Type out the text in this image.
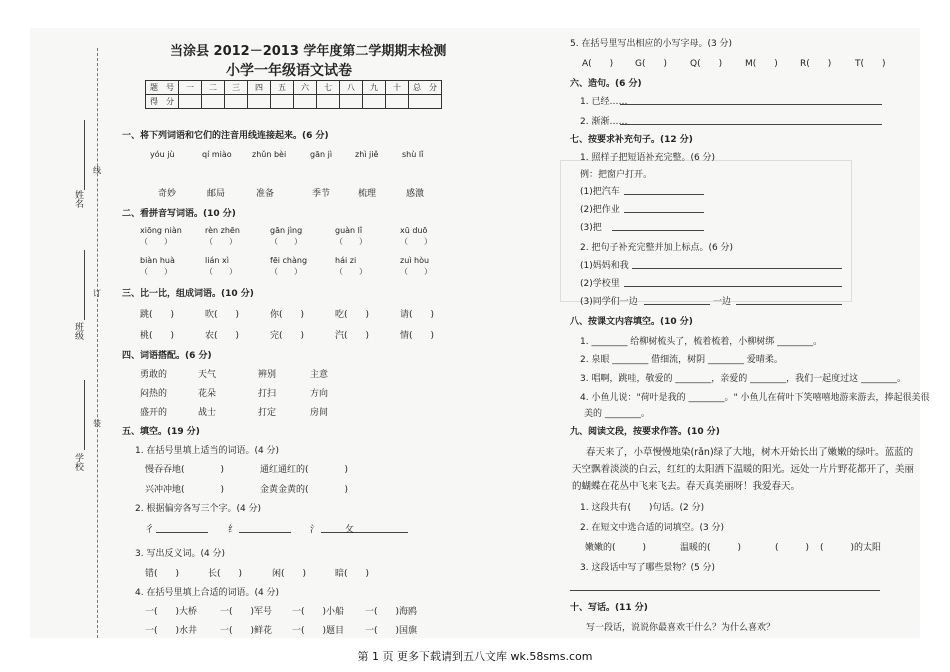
姓名
班级
学校
线
订
装
当涂县 2012－2013 学年度第二学期期末检测
小学一年级语文试卷
题　号	一	二	三	四	五	六	七	八	九	十	总　分
得　分											
一、将下列词语和它们的注音用线连接起来。(6 分)
yóu jù	qí miào	zhǔn bèi	gān jì	zhì jiě	shù lǐ
奇妙	邮局	准备	季节	梳理	感激
二、看拼音写词语。(10 分)
xiōng niàn	rèn zhēn	gān jìng	guàn lǐ	xū duō
（　　）	（　　）	（　　）	（　　）	（　　）
biàn huà	lián xì	fēi chàng	hái zi	zuì hòu
（　　）	（　　）	（　　）	（　　）	（　　）
三、比一比，组成词语。(10 分)
跳(　　)	吹(　　)	你(　　)	吃(　　)	请(　　)
桃(　　)	农(　　)	完(　　)	汽(　　)	情(　　)
四、词语搭配。(6 分)
勇敢的	天气	辨别	主意
闷热的	花朵	打扫	方向
盛开的	战士	打定	房间
五、填空。(19 分)
1. 在括号里填上适当的词语。(4 分)
慢吞吞地(　　　　)	通红通红的(　　　　)
兴冲冲地(　　　　)	金黄金黄的(　　　　)
2. 根据偏旁各写三个字。(4 分)
彳	纟	氵	攵
3. 写出反义词。(4 分)
错(　　)	长(　　)	闲(　　)	暗(　　)
4. 在括号里填上合适的词语。(4 分)
一(　　)大桥	一(　　)军号 一(　　)小船 一(　　)海鸥
一(　　)水井	一(　　)鲜花 一(　　)题目 一(　　)国旗
5. 在括号里写出相应的小写字母。(3 分)
A(　　) G(　　)	Q(　　)	M(　　) R(　　)	T(　　)
六、造句。(6 分)
1. 已经……
2. 渐渐……
七、按要求补充句子。(12 分)
1. 照样子把短语补充完整。(6 分)
例：把窗户打开。
(1)把汽车
(2)把作业
(3)把
2. 把句子补充完整并加上标点。(6 分)
(1)妈妈和我
(2)学校里
(3)同学们一边	一边
八、按课文内容填空。(10 分)
1. ________ 给柳树梳头了，梳着梳着，小柳树绑 ________。
2. 泉眼 ________ 借细流，树阴 ________ 爱晴柔。
3. 唱啊，跳哇，敬爱的 ________，亲爱的 ________，我们一起度过这 ________。
4. 小鱼儿说："荷叶是我的 ________。" 小鱼儿在荷叶下笑嘻嘻地游来游去，捧起很美很
美的 ________。
九、阅读文段，按要求作答。(10 分)
春天来了，小草慢慢地染(rǎn)绿了大地，树木开始长出了嫩嫩的绿叶。蓝蓝的
天空飘着淡淡的白云，红红的太阳洒下温暖的阳光。远处一片片野花都开了，美丽
的蝴蝶在花丛中飞来飞去。春天真美丽呀！我爱春天。
1. 这段共有(　　)句话。(2 分)
2. 在短文中选合适的词填空。(3 分)
嫩嫩的(　　　)	温暖的(　　　)	(　　　) (　　　)的太阳
3. 这段话中写了哪些景物？(5 分)
十、写话。(11 分)
写一段话，说说你最喜欢干什么？为什么喜欢？
第 1 页 更多下载请到五八文库 wk.58sms.com
